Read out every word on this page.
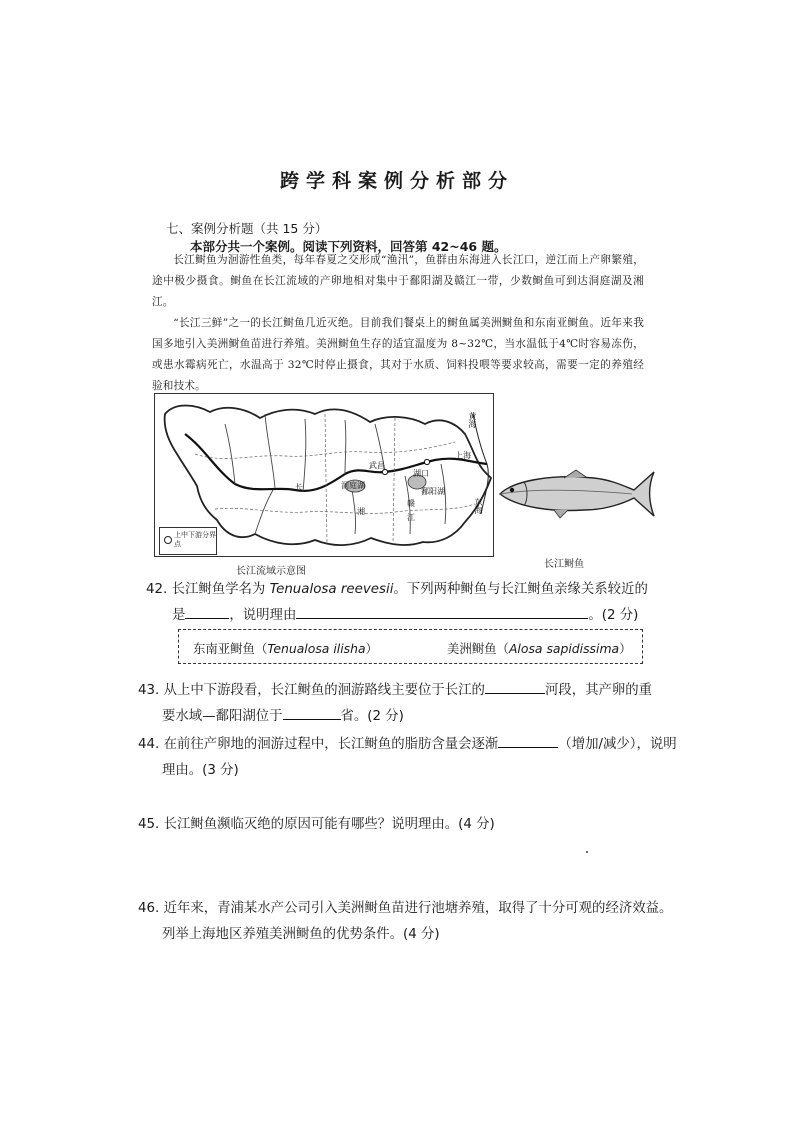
跨学科案例分析部分
七、案例分析题（共 15 分）
本部分共一个案例。阅读下列资料，回答第 42~46 题。
长江鲥鱼为洄游性鱼类，每年春夏之交形成“渔汛”，鱼群由东海进入长江口，逆江而上产卵繁殖，途中极少摄食。鲥鱼在长江流域的产卵地相对集中于鄱阳湖及赣江一带，少数鲥鱼可到达洞庭湖及湘江。
“长江三鲜”之一的长江鲥鱼几近灭绝。目前我们餐桌上的鲥鱼属美洲鲥鱼和东南亚鲥鱼。近年来我国多地引入美洲鲥鱼苗进行养殖。美洲鲥鱼生存的适宜温度为 8~32℃，当水温低于4℃时容易冻伤，或患水霉病死亡，水温高于 32℃时停止摄食，其对于水质、饲料投喂等要求较高，需要一定的养殖经验和技术。
黄海
东海
上海
武昌
湖口
洞庭湖
鄱阳湖
赣
湘
江
长
上中下游分界点
长江流域示意图
长江鲥鱼
42. 长江鲥鱼学名为 Tenualosa reevesii。下列两种鲥鱼与长江鲥鱼亲缘关系较近的
是	，说明理由	。(2 分)
东南亚鲥鱼（Tenualosa ilisha）	美洲鲥鱼（Alosa sapidissima）
43. 从上中下游段看，长江鲥鱼的洄游路线主要位于长江的	河段，其产卵的重
要水域—鄱阳湖位于	省。(2 分)
44. 在前往产卵地的洄游过程中，长江鲥鱼的脂肪含量会逐渐	（增加/减少），说明
理由。(3 分)
45. 长江鲥鱼濒临灭绝的原因可能有哪些？说明理由。(4 分)
46. 近年来，青浦某水产公司引入美洲鲥鱼苗进行池塘养殖，取得了十分可观的经济效益。
列举上海地区养殖美洲鲥鱼的优势条件。(4 分)
